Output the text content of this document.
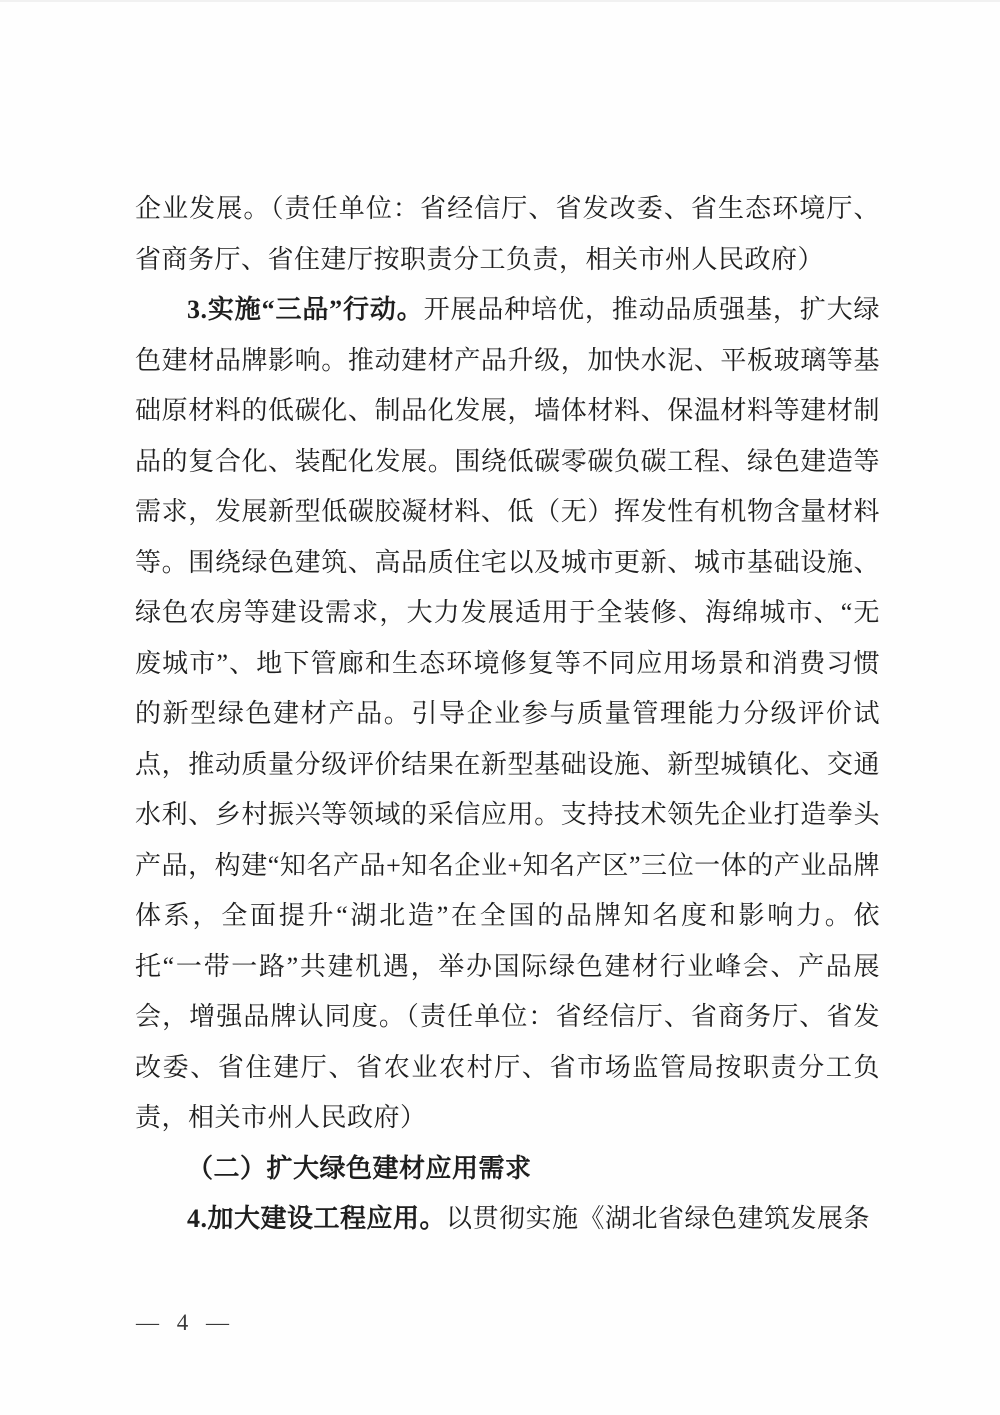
企业发展。（责任单位：省经信厅、省发改委、省生态环境厅、省商务厅、省住建厅按职责分工负责，相关市州人民政府）

3.实施“三品”行动。开展品种培优，推动品质强基，扩大绿色建材品牌影响。推动建材产品升级，加快水泥、平板玻璃等基础原材料的低碳化、制品化发展，墙体材料、保温材料等建材制品的复合化、装配化发展。围绕低碳零碳负碳工程、绿色建造等需求，发展新型低碳胶凝材料、低（无）挥发性有机物含量材料等。围绕绿色建筑、高品质住宅以及城市更新、城市基础设施、绿色农房等建设需求，大力发展适用于全装修、海绵城市、“无废城市”、地下管廊和生态环境修复等不同应用场景和消费习惯的新型绿色建材产品。引导企业参与质量管理能力分级评价试点，推动质量分级评价结果在新型基础设施、新型城镇化、交通水利、乡村振兴等领域的采信应用。支持技术领先企业打造拳头产品，构建“知名产品+知名企业+知名产区”三位一体的产业品牌体系，全面提升“湖北造”在全国的品牌知名度和影响力。依托“一带一路”共建机遇，举办国际绿色建材行业峰会、产品展会，增强品牌认同度。（责任单位：省经信厅、省商务厅、省发改委、省住建厅、省农业农村厅、省市场监管局按职责分工负责，相关市州人民政府）

（二）扩大绿色建材应用需求

4.加大建设工程应用。以贯彻实施《湖北省绿色建筑发展条

— 4 —
